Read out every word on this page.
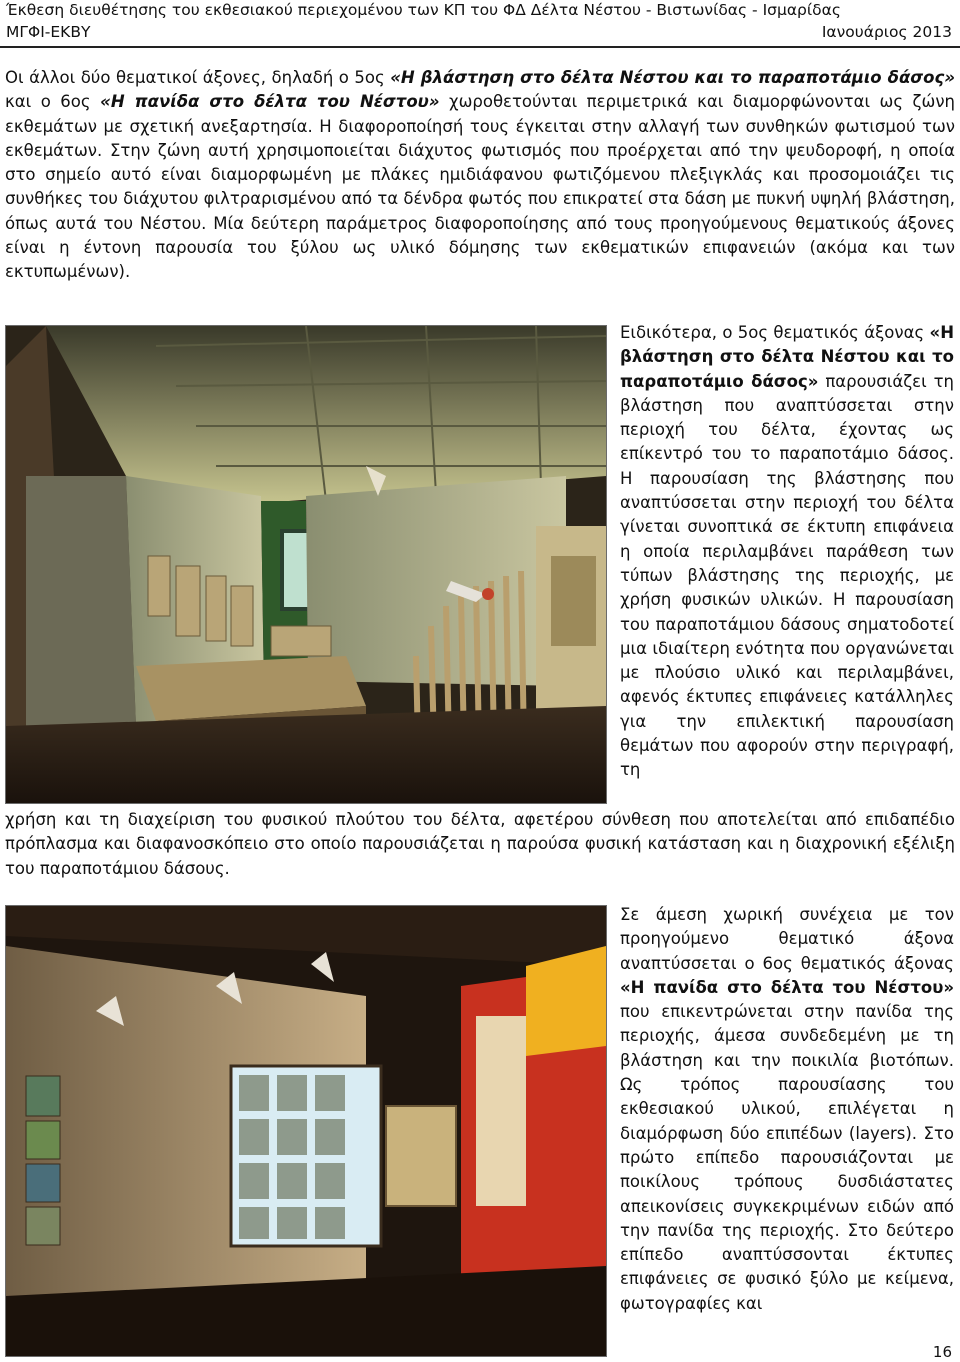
Έκθεση διευθέτησης του εκθεσιακού περιεχομένου των ΚΠ του ΦΔ Δέλτα Νέστου - Βιστωνίδας - Ισμαρίδας
ΜΓΦΙ-ΕΚΒΥ	Ιανουάριος 2013

Οι άλλοι δύο θεματικοί άξονες, δηλαδή ο 5ος «Η βλάστηση στο δέλτα Νέστου και το παραποτάμιο δάσος» και ο 6ος «Η πανίδα στο δέλτα του Νέστου» χωροθετούνται περιμετρικά και διαμορφώνονται ως ζώνη εκθεμάτων με σχετική ανεξαρτησία. Η διαφοροποίησή τους έγκειται στην αλλαγή των συνθηκών φωτισμού των εκθεμάτων. Στην ζώνη αυτή χρησιμοποιείται διάχυτος φωτισμός που προέρχεται από την ψευδοροφή, η οποία στο σημείο αυτό είναι διαμορφωμένη με πλάκες ημιδιάφανου φωτιζόμενου πλεξιγκλάς και προσομοιάζει τις συνθήκες του διάχυτου φιλτραρισμένου από τα δένδρα φωτός που επικρατεί στα δάση με πυκνή υψηλή βλάστηση, όπως αυτά του Νέστου. Μία δεύτερη παράμετρος διαφοροποίησης από τους προηγούμενους θεματικούς άξονες είναι η έντονη παρουσία του ξύλου ως υλικό δόμησης των εκθεματικών επιφανειών (ακόμα και των εκτυπωμένων).

Ειδικότερα, ο 5ος θεματικός άξονας «Η βλάστηση στο δέλτα Νέστου και το παραποτάμιο δάσος» παρουσιάζει τη βλάστηση που αναπτύσσεται στην περιοχή του δέλτα, έχοντας ως επίκεντρό του το παραποτάμιο δάσος. Η παρουσίαση της βλάστησης που αναπτύσσεται στην περιοχή του δέλτα γίνεται συνοπτικά σε έκτυπη επιφάνεια η οποία περιλαμβάνει παράθεση των τύπων βλάστησης της περιοχής, με χρήση φυσικών υλικών. Η παρουσίαση του παραποτάμιου δάσους σηματοδοτεί μια ιδιαίτερη ενότητα που οργανώνεται με πλούσιο υλικό και περιλαμβάνει, αφενός έκτυπες επιφάνειες κατάλληλες για την επιλεκτική παρουσίαση θεμάτων που αφορούν στην περιγραφή, τη

χρήση και τη διαχείριση του φυσικού πλούτου του δέλτα, αφετέρου σύνθεση που αποτελείται από επιδαπέδιο πρόπλασμα και διαφανοσκόπειο στο οποίο παρουσιάζεται η παρούσα φυσική κατάσταση και η διαχρονική εξέλιξη του παραποτάμιου δάσους.

Σε άμεση χωρική συνέχεια με τον προηγούμενο θεματικό άξονα αναπτύσσεται ο 6ος θεματικός άξονας «Η πανίδα στο δέλτα του Νέστου» που επικεντρώνεται στην πανίδα της περιοχής, άμεσα συνδεδεμένη με τη βλάστηση και την ποικιλία βιοτόπων. Ως τρόπος παρουσίασης του εκθεσιακού υλικού, επιλέγεται η διαμόρφωση δύο επιπέδων (layers). Στο πρώτο επίπεδο παρουσιάζονται με ποικίλους τρόπους δυσδιάστατες απεικονίσεις συγκεκριμένων ειδών από την πανίδα της περιοχής. Στο δεύτερο επίπεδο αναπτύσσονται έκτυπες επιφάνειες σε φυσικό ξύλο με κείμενα, φωτογραφίες και

16
